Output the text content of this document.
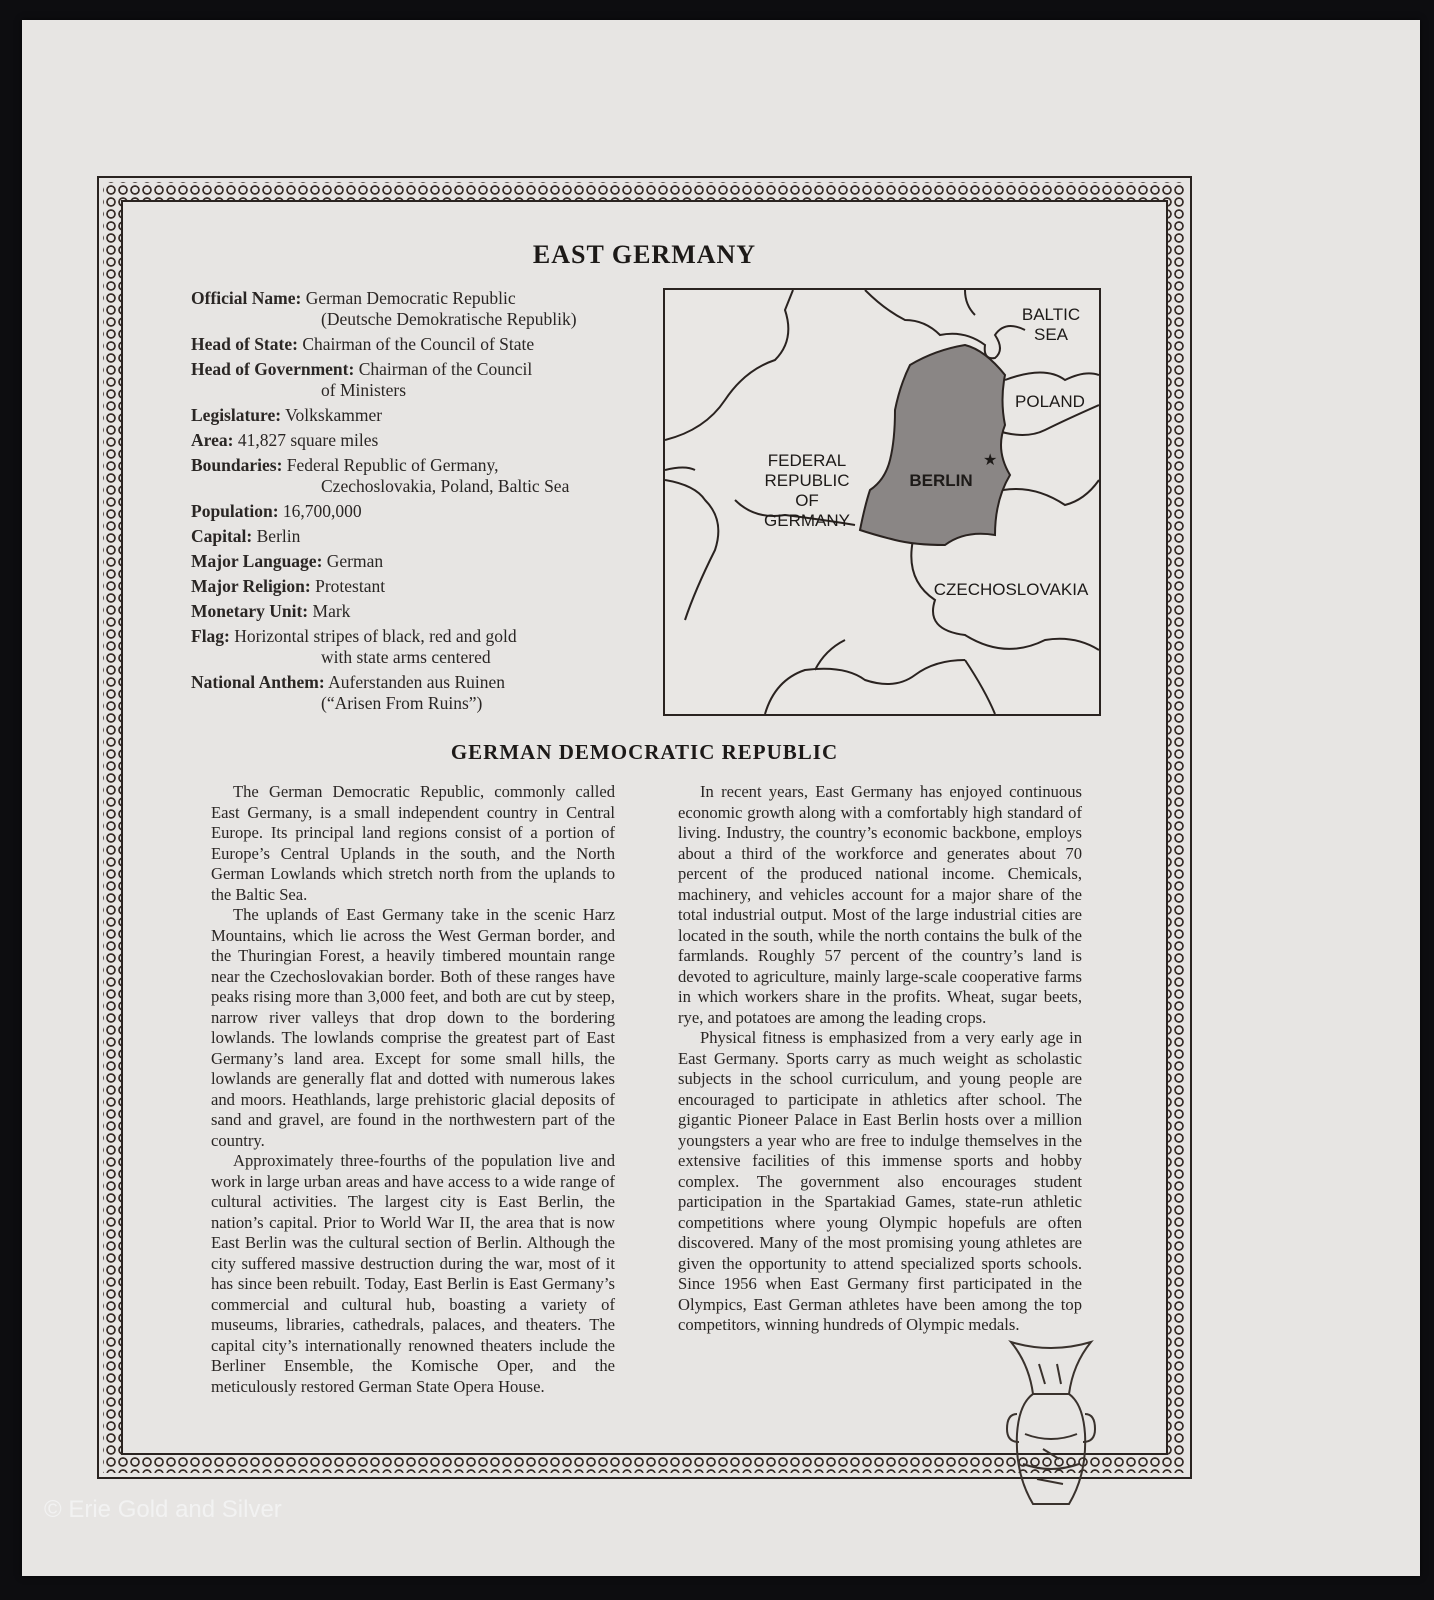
EAST GERMANY
Official Name: German Democratic Republic
(Deutsche Demokratische Republik)
Head of State: Chairman of the Council of State
Head of Government: Chairman of the Council
of Ministers
Legislature: Volkskammer
Area: 41,827 square miles
Boundaries: Federal Republic of Germany,
Czechoslovakia, Poland, Baltic Sea
Population: 16,700,000
Capital: Berlin
Major Language: German
Major Religion: Protestant
Monetary Unit: Mark
Flag: Horizontal stripes of black, red and gold
with state arms centered
National Anthem: Auferstanden aus Ruinen
(“Arisen From Ruins”)
★
BALTIC
SEA
POLAND
FEDERAL
REPUBLIC
OF
GERMANY
BERLIN
CZECHOSLOVAKIA
GERMAN DEMOCRATIC REPUBLIC

The German Democratic Republic, commonly called East Germany, is a small independent country in Central Europe. Its principal land regions consist of a portion of Europe’s Central Uplands in the south, and the North German Lowlands which stretch north from the uplands to the Baltic Sea.

The uplands of East Germany take in the scenic Harz Mountains, which lie across the West German border, and the Thuringian Forest, a heavily timbered mountain range near the Czechoslovakian border. Both of these ranges have peaks rising more than 3,000 feet, and both are cut by steep, narrow river valleys that drop down to the bordering lowlands. The lowlands comprise the greatest part of East Germany’s land area. Except for some small hills, the lowlands are generally flat and dotted with numerous lakes and moors. Heathlands, large prehistoric glacial deposits of sand and gravel, are found in the northwestern part of the country.

Approximately three-fourths of the population live and work in large urban areas and have access to a wide range of cultural activities. The largest city is East Berlin, the nation’s capital. Prior to World War II, the area that is now East Berlin was the cultural section of Berlin. Although the city suffered massive destruction during the war, most of it has since been rebuilt. Today, East Berlin is East Germany’s commercial and cultural hub, boasting a variety of museums, libraries, cathedrals, palaces, and theaters. The capital city’s internationally renowned theaters include the Berliner Ensemble, the Komische Oper, and the meticulously restored German State Opera House.

In recent years, East Germany has enjoyed continuous economic growth along with a comfortably high standard of living. Industry, the country’s economic backbone, employs about a third of the workforce and generates about 70 percent of the produced national income. Chemicals, machinery, and vehicles account for a major share of the total industrial output. Most of the large industrial cities are located in the south, while the north contains the bulk of the farmlands. Roughly 57 percent of the country’s land is devoted to agriculture, mainly large-scale cooperative farms in which workers share in the profits. Wheat, sugar beets, rye, and potatoes are among the leading crops.

Physical fitness is emphasized from a very early age in East Germany. Sports carry as much weight as scholastic subjects in the school curriculum, and young people are encouraged to participate in athletics after school. The gigantic Pioneer Palace in East Berlin hosts over a million youngsters a year who are free to indulge themselves in the extensive facilities of this immense sports and hobby complex. The government also encourages student participation in the Spartakiad Games, state-run athletic competitions where young Olympic hopefuls are often discovered. Many of the most promising young athletes are given the opportunity to attend specialized sports schools. Since 1956 when East Germany first participated in the Olympics, East German athletes have been among the top competitors, winning hundreds of Olympic medals.

© Erie Gold and Silver
